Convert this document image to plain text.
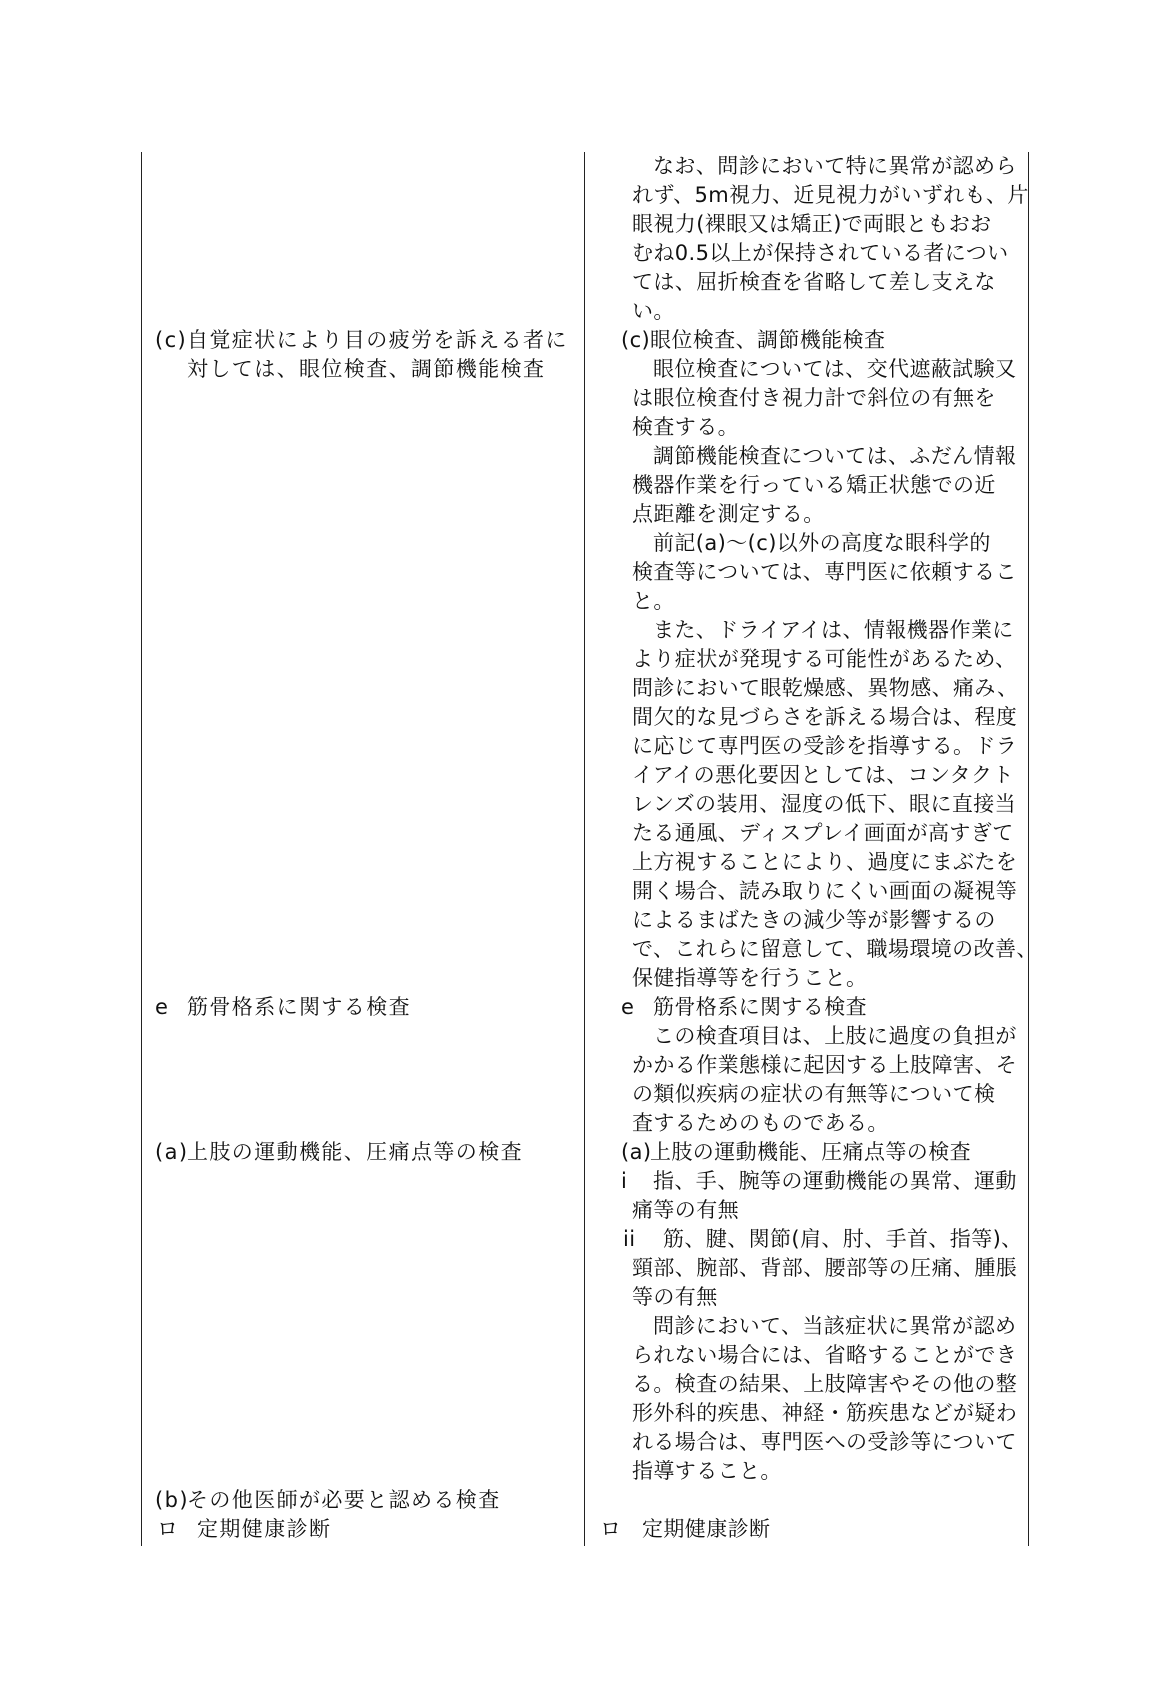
(c) 自覚症状により目の疲労を訴える者に
対しては、眼位検査、調節機能検査
e 筋骨格系に関する検査
(a)
上肢の運動機能、圧痛点等の検査
(b)
その他医師が必要と認める検査
ロ 定期健康診断
なお、問診において特に異常が認めら
れず、5m視力、近見視力がいずれも、片
眼視力(裸眼又は矯正)で両眼ともおお
むね0.5以上が保持されている者につい
ては、屈折検査を省略して差し支えな
い。
(c) 眼位検査、調節機能検査
眼位検査については、交代遮蔽試験又
は眼位検査付き視力計で斜位の有無を
検査する。
調節機能検査については、ふだん情報
機器作業を行っている矯正状態での近
点距離を測定する。
前記(a)～(c)以外の高度な眼科学的
検査等については、専門医に依頼するこ
と。
また、ドライアイは、情報機器作業に
より症状が発現する可能性があるため、
問診において眼乾燥感、異物感、痛み、
間欠的な見づらさを訴える場合は、程度
に応じて専門医の受診を指導する。ドラ
イアイの悪化要因としては、コンタクト
レンズの装用、湿度の低下、眼に直接当
たる通風、ディスプレイ画面が高すぎて
上方視することにより、過度にまぶたを
開く場合、読み取りにくい画面の凝視等
によるまばたきの減少等が影響するの
で、これらに留意して、職場環境の改善、
保健指導等を行うこと。
e 筋骨格系に関する検査
この検査項目は、上肢に過度の負担が
かかる作業態様に起因する上肢障害、そ
の類似疾病の症状の有無等について検
査するためのものである。
(a)
上肢の運動機能、圧痛点等の検査
i 指、手、腕等の運動機能の異常、運動
痛等の有無
ii 筋、腱、関節(肩、肘、手首、指等)、
頸部、腕部、背部、腰部等の圧痛、腫脹
等の有無
問診において、当該症状に異常が認め
られない場合には、省略することができ
る。検査の結果、上肢障害やその他の整
形外科的疾患、神経・筋疾患などが疑わ
れる場合は、専門医への受診等について
指導すること。
ロ 定期健康診断
